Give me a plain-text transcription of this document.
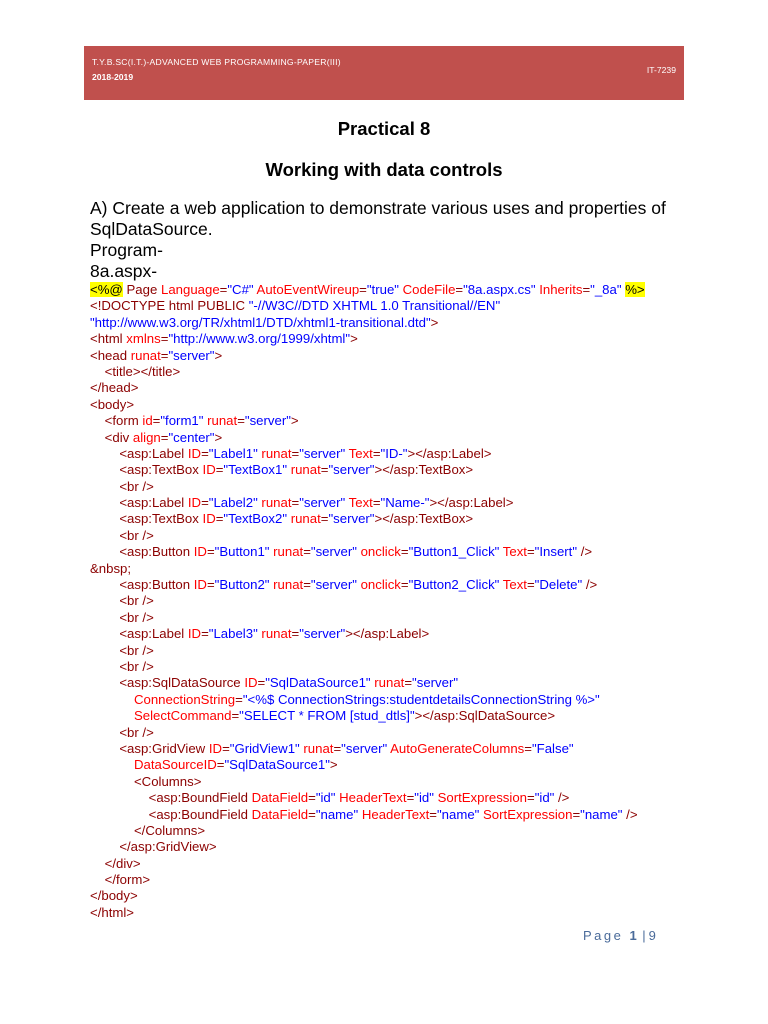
T.Y.B.SC(I.T.)-ADVANCED WEB PROGRAMMING-PAPER(III)
2018-2019
IT-7239
Practical 8
Working with data controls
A) Create a web application to demonstrate various uses and properties of
SqlDataSource.
Program-
8a.aspx-
<%@ Page Language="C#" AutoEventWireup="true" CodeFile="8a.aspx.cs" Inherits="_8a" %>
<!DOCTYPE html PUBLIC "-//W3C//DTD XHTML 1.0 Transitional//EN"
"http://www.w3.org/TR/xhtml1/DTD/xhtml1-transitional.dtd">
<html xmlns="http://www.w3.org/1999/xhtml">
<head runat="server">
<title></title>
</head>
<body>
<form id="form1" runat="server">
<div align="center">
<asp:Label ID="Label1" runat="server" Text="ID-"></asp:Label>
<asp:TextBox ID="TextBox1" runat="server"></asp:TextBox>
<br />
<asp:Label ID="Label2" runat="server" Text="Name-"></asp:Label>
<asp:TextBox ID="TextBox2" runat="server"></asp:TextBox>
<br />
<asp:Button ID="Button1" runat="server" onclick="Button1_Click" Text="Insert" />
&nbsp;
<asp:Button ID="Button2" runat="server" onclick="Button2_Click" Text="Delete" />
<br />
<br />
<asp:Label ID="Label3" runat="server"></asp:Label>
<br />
<br />
<asp:SqlDataSource ID="SqlDataSource1" runat="server"
ConnectionString="<%$ ConnectionStrings:studentdetailsConnectionString %>"
SelectCommand="SELECT * FROM [stud_dtls]"></asp:SqlDataSource>
<br />
<asp:GridView ID="GridView1" runat="server" AutoGenerateColumns="False"
DataSourceID="SqlDataSource1">
<Columns>
<asp:BoundField DataField="id" HeaderText="id" SortExpression="id" />
<asp:BoundField DataField="name" HeaderText="name" SortExpression="name" />
</Columns>
</asp:GridView>
</div>
</form>
</body>
</html>
Page 1 | 9
